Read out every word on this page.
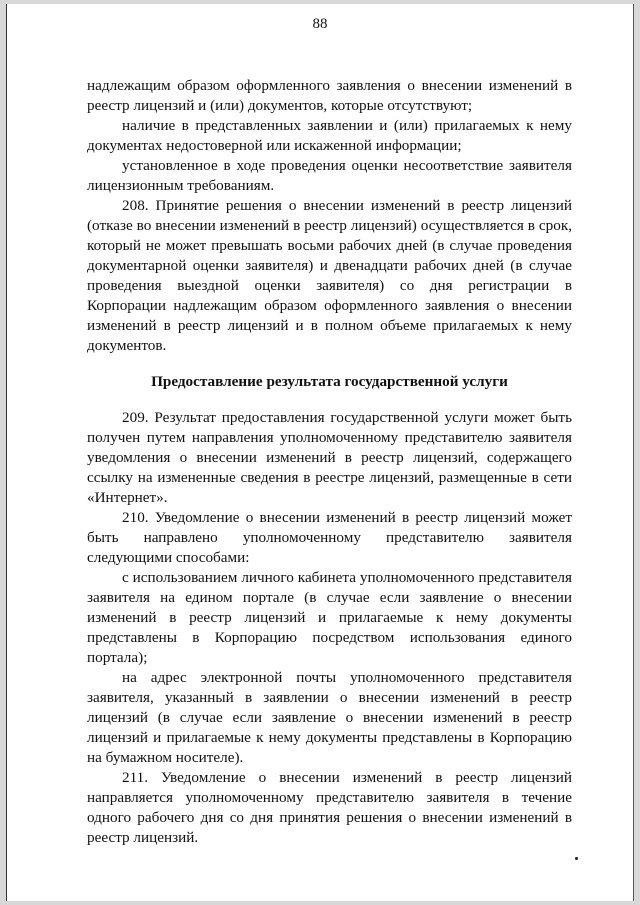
88

надлежащим образом оформленного заявления о внесении изменений в реестр лицензий и (или) документов, которые отсутствуют;

наличие в представленных заявлении и (или) прилагаемых к нему документах недостоверной или искаженной информации;

установленное в ходе проведения оценки несоответствие заявителя лицензионным требованиям.

208. Принятие решения о внесении изменений в реестр лицензий (отказе во внесении изменений в реестр лицензий) осуществляется в срок, который не может превышать восьми рабочих дней (в случае проведения документарной оценки заявителя) и двенадцати рабочих дней (в случае проведения выездной оценки заявителя) со дня регистрации в Корпорации надлежащим образом оформленного заявления о внесении изменений в реестр лицензий и в полном объеме прилагаемых к нему документов.

Предоставление результата государственной услуги

209. Результат предоставления государственной услуги может быть получен путем направления уполномоченному представителю заявителя уведомления о внесении изменений в реестр лицензий, содержащего ссылку на измененные сведения в реестре лицензий, размещенные в сети «Интернет».

210. Уведомление о внесении изменений в реестр лицензий может быть направлено уполномоченному представителю заявителя следующими способами:

с использованием личного кабинета уполномоченного представителя заявителя на едином портале (в случае если заявление о внесении изменений в реестр лицензий и прилагаемые к нему документы представлены в Корпорацию посредством использования единого портала);

на адрес электронной почты уполномоченного представителя заявителя, указанный в заявлении о внесении изменений в реестр лицензий (в случае если заявление о внесении изменений в реестр лицензий и прилагаемые к нему документы представлены в Корпорацию на бумажном носителе).

211. Уведомление о внесении изменений в реестр лицензий направляется уполномоченному представителю заявителя в течение одного рабочего дня со дня принятия решения о внесении изменений в реестр лицензий.
